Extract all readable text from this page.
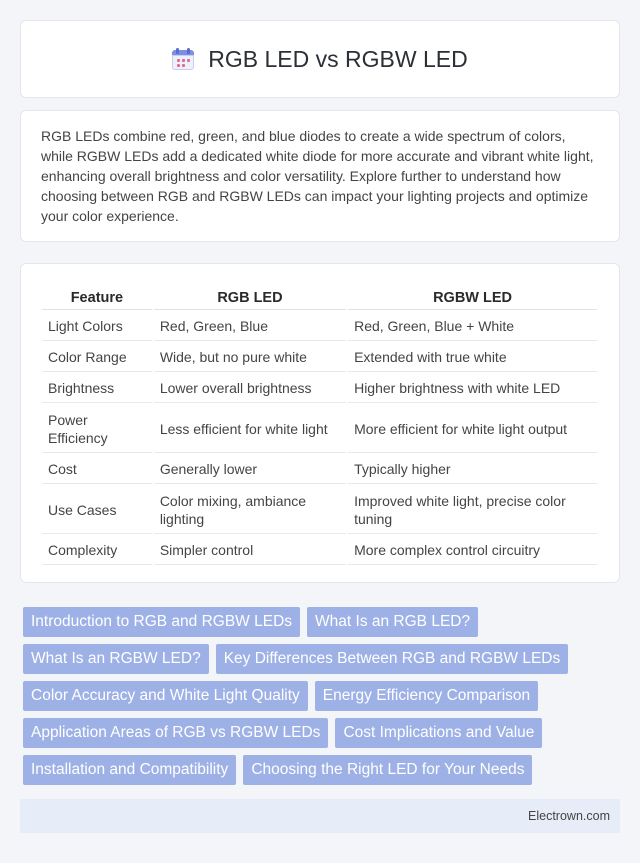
RGB LED vs RGBW LED

RGB LEDs combine red, green, and blue diodes to create a wide spectrum of colors, while RGBW LEDs add a dedicated white diode for more accurate and vibrant white light, enhancing overall brightness and color versatility. Explore further to understand how choosing between RGB and RGBW LEDs can impact your lighting projects and optimize your color experience.

Feature	RGB LED	RGBW LED
Light Colors	Red, Green, Blue	Red, Green, Blue + White
Color Range	Wide, but no pure white	Extended with true white
Brightness	Lower overall brightness	Higher brightness with white LED
Power Efficiency	Less efficient for white light	More efficient for white light output
Cost	Generally lower	Typically higher
Use Cases	Color mixing, ambiance lighting	Improved white light, precise color tuning
Complexity	Simpler control	More complex control circuitry
Introduction to RGB and RGBW LEDs	What Is an RGB LED?
What Is an RGBW LED?	Key Differences Between RGB and RGBW LEDs
Color Accuracy and White Light Quality	Energy Efficiency Comparison
Application Areas of RGB vs RGBW LEDs	Cost Implications and Value
Installation and Compatibility	Choosing the Right LED for Your Needs
Electrown.com
